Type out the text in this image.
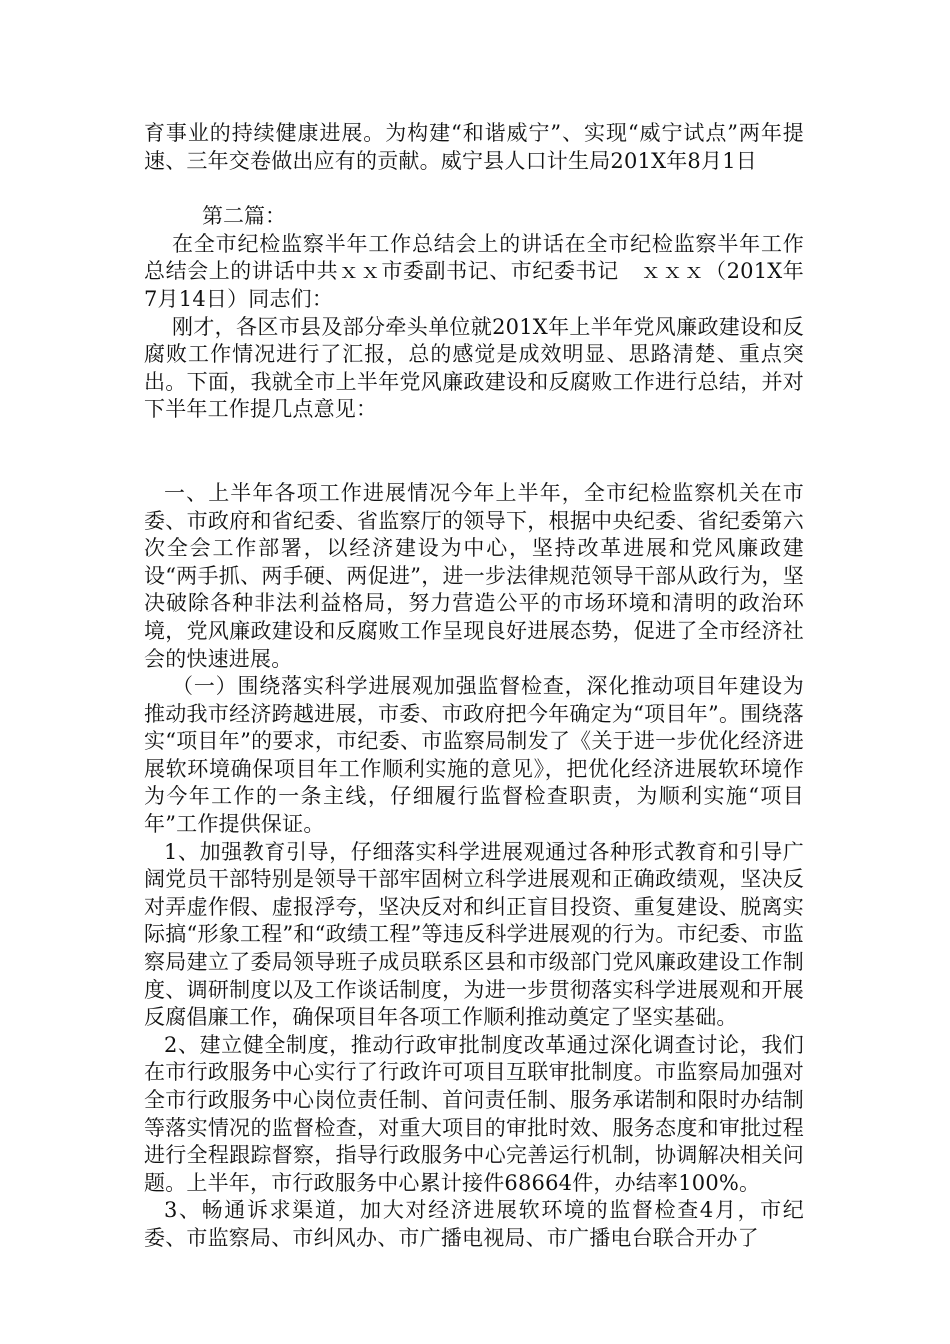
育事业的持续健康进展。为构建“和谐威宁”、实现“威宁试点”两年提速、三年交卷做出应有的贡献。威宁县人口计生局201X年8月1日

第二篇：

在全市纪检监察半年工作总结会上的讲话在全市纪检监察半年工作总结会上的讲话中共ｘｘ市委副书记、市纪委书记　ｘｘｘ（201X年7月14日）同志们：

刚才，各区市县及部分牵头单位就201X年上半年党风廉政建设和反腐败工作情况进行了汇报，总的感觉是成效明显、思路清楚、重点突出。下面，我就全市上半年党风廉政建设和反腐败工作进行总结，并对下半年工作提几点意见：

一、上半年各项工作进展情况今年上半年，全市纪检监察机关在市委、市政府和省纪委、省监察厅的领导下，根据中央纪委、省纪委第六次全会工作部署，以经济建设为中心，坚持改革进展和党风廉政建设“两手抓、两手硬、两促进”，进一步法律规范领导干部从政行为，坚决破除各种非法利益格局，努力营造公平的市场环境和清明的政治环境，党风廉政建设和反腐败工作呈现良好进展态势，促进了全市经济社会的快速进展。

（一）围绕落实科学进展观加强监督检查，深化推动项目年建设为推动我市经济跨越进展，市委、市政府把今年确定为“项目年”。围绕落实“项目年”的要求，市纪委、市监察局制发了《关于进一步优化经济进展软环境确保项目年工作顺利实施的意见》，把优化经济进展软环境作为今年工作的一条主线，仔细履行监督检查职责，为顺利实施“项目年”工作提供保证。

1、加强教育引导，仔细落实科学进展观通过各种形式教育和引导广阔党员干部特别是领导干部牢固树立科学进展观和正确政绩观，坚决反对弄虚作假、虚报浮夸，坚决反对和纠正盲目投资、重复建设、脱离实际搞“形象工程”和“政绩工程”等违反科学进展观的行为。市纪委、市监察局建立了委局领导班子成员联系区县和市级部门党风廉政建设工作制度、调研制度以及工作谈话制度，为进一步贯彻落实科学进展观和开展反腐倡廉工作，确保项目年各项工作顺利推动奠定了坚实基础。

2、建立健全制度，推动行政审批制度改革通过深化调查讨论，我们在市行政服务中心实行了行政许可项目互联审批制度。市监察局加强对全市行政服务中心岗位责任制、首问责任制、服务承诺制和限时办结制等落实情况的监督检查，对重大项目的审批时效、服务态度和审批过程进行全程跟踪督察，指导行政服务中心完善运行机制，协调解决相关问题。上半年，市行政服务中心累计接件68664件，办结率100%。

3、畅通诉求渠道，加大对经济进展软环境的监督检查4月，市纪委、市监察局、市纠风办、市广播电视局、市广播电台联合开办了
